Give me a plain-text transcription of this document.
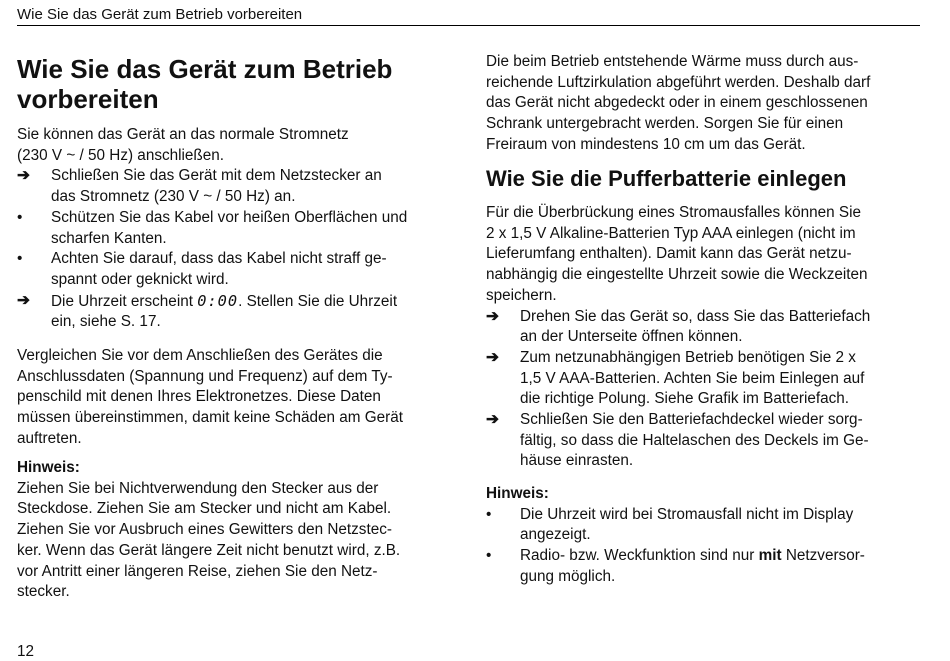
Wie Sie das Gerät zum Betrieb vorbereiten
Wie Sie das Gerät zum Betrieb
vorbereiten

Sie können das Gerät an das normale Stromnetz

(230 V ~ / 50 Hz) anschließen.

➔	Schließen Sie das Gerät mit dem Netzstecker an
das Stromnetz (230 V ~ / 50 Hz) an.
•	Schützen Sie das Kabel vor heißen Oberflächen und
scharfen Kanten.
•	Achten Sie darauf, dass das Kabel nicht straff ge-
spannt oder geknickt wird.
➔	Die Uhrzeit erscheint 0:00. Stellen Sie die Uhrzeit
ein, siehe S. 17.

Vergleichen Sie vor dem Anschließen des Gerätes die

Anschlussdaten (Spannung und Frequenz) auf dem Ty-

penschild mit denen Ihres Elektronetzes. Diese Daten

müssen übereinstimmen, damit keine Schäden am Gerät

auftreten.

Hinweis:

Ziehen Sie bei Nichtverwendung den Stecker aus der

Steckdose. Ziehen Sie am Stecker und nicht am Kabel.

Ziehen Sie vor Ausbruch eines Gewitters den Netzstec-

ker. Wenn das Gerät längere Zeit nicht benutzt wird, z.B.

vor Antritt einer längeren Reise, ziehen Sie den Netz-

stecker.

Die beim Betrieb entstehende Wärme muss durch aus-

reichende Luftzirkulation abgeführt werden. Deshalb darf

das Gerät nicht abgedeckt oder in einem geschlossenen

Schrank untergebracht werden. Sorgen Sie für einen

Freiraum von mindestens 10 cm um das Gerät.

Wie Sie die Pufferbatterie einlegen

Für die Überbrückung eines Stromausfalles können Sie

2 x 1,5 V Alkaline-Batterien Typ AAA einlegen (nicht im

Lieferumfang enthalten). Damit kann das Gerät netzu-

nabhängig die eingestellte Uhrzeit sowie die Weckzeiten

speichern.

➔	Drehen Sie das Gerät so, dass Sie das Batteriefach
an der Unterseite öffnen können.
➔	Zum netzunabhängigen Betrieb benötigen Sie 2 x
1,5 V AAA-Batterien. Achten Sie beim Einlegen auf
die richtige Polung. Siehe Grafik im Batteriefach.
➔	Schließen Sie den Batteriefachdeckel wieder sorg-
fältig, so dass die Haltelaschen des Deckels im Ge-
häuse einrasten.

Hinweis:

•	Die Uhrzeit wird bei Stromausfall nicht im Display
angezeigt.
•	Radio- bzw. Weckfunktion sind nur mit Netzversor-
gung möglich.
12
